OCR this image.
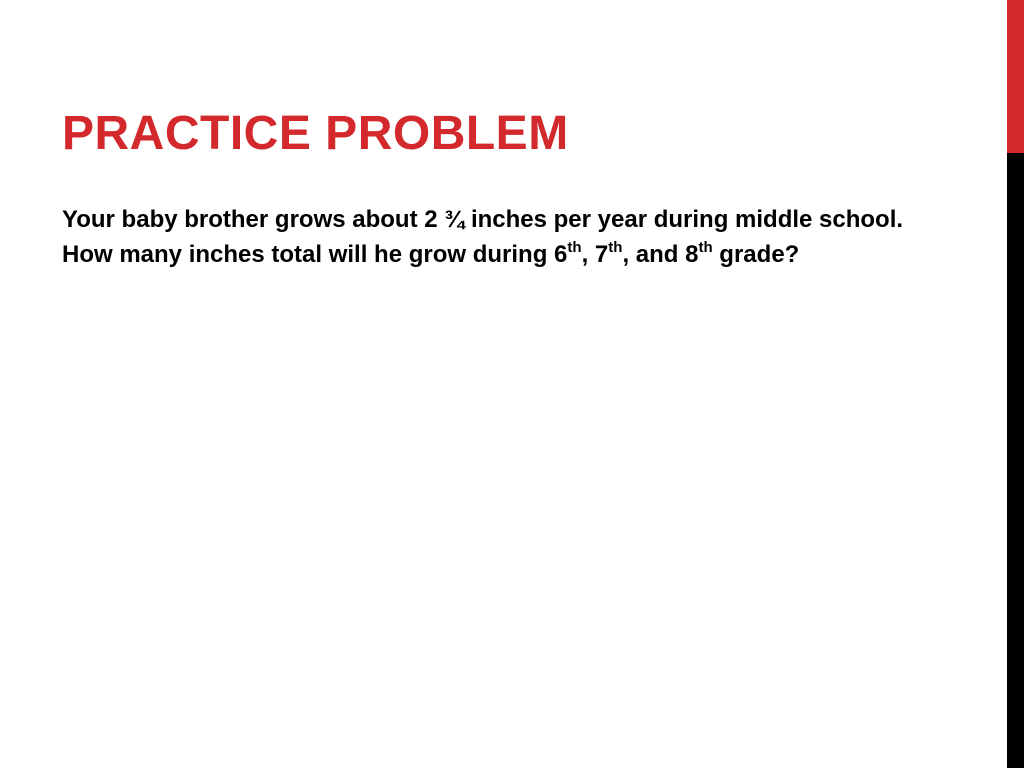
PRACTICE PROBLEM

Your baby brother grows about 2 ¾ inches per year during middle school. How many inches total will he grow during 6th, 7th, and 8th grade?
